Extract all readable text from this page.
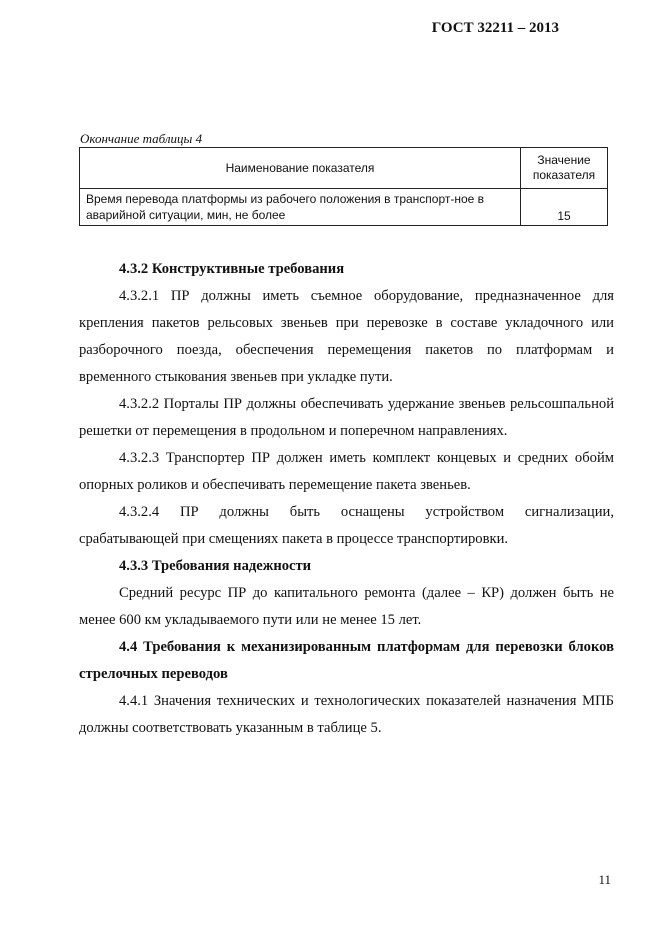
ГОСТ 32211 – 2013
Окончание таблицы 4
Наименование показателя	Значение показателя
Время перевода платформы из рабочего положения в транспорт-ное в аварийной ситуации, мин, не более	15

4.3.2 Конструктивные требования

4.3.2.1 ПР должны иметь съемное оборудование, предназначенное для крепления пакетов рельсовых звеньев при перевозке в составе укладочного или разборочного поезда, обеспечения перемещения пакетов по платформам и временного стыкования звеньев при укладке пути.

4.3.2.2 Порталы ПР должны обеспечивать удержание звеньев рельсошпальной решетки от перемещения в продольном и поперечном направлениях.

4.3.2.3 Транспортер ПР должен иметь комплект концевых и средних обойм опорных роликов и обеспечивать перемещение пакета звеньев.

4.3.2.4 ПР должны быть оснащены устройством сигнализации, срабатывающей при смещениях пакета в процессе транспортировки.

4.3.3 Требования надежности

Средний ресурс ПР до капитального ремонта (далее – КР) должен быть не менее 600 км укладываемого пути или не менее 15 лет.

4.4 Требования к механизированным платформам для перевозки блоков стрелочных переводов

4.4.1 Значения технических и технологических показателей назначения МПБ должны соответствовать указанным в таблице 5.

11
